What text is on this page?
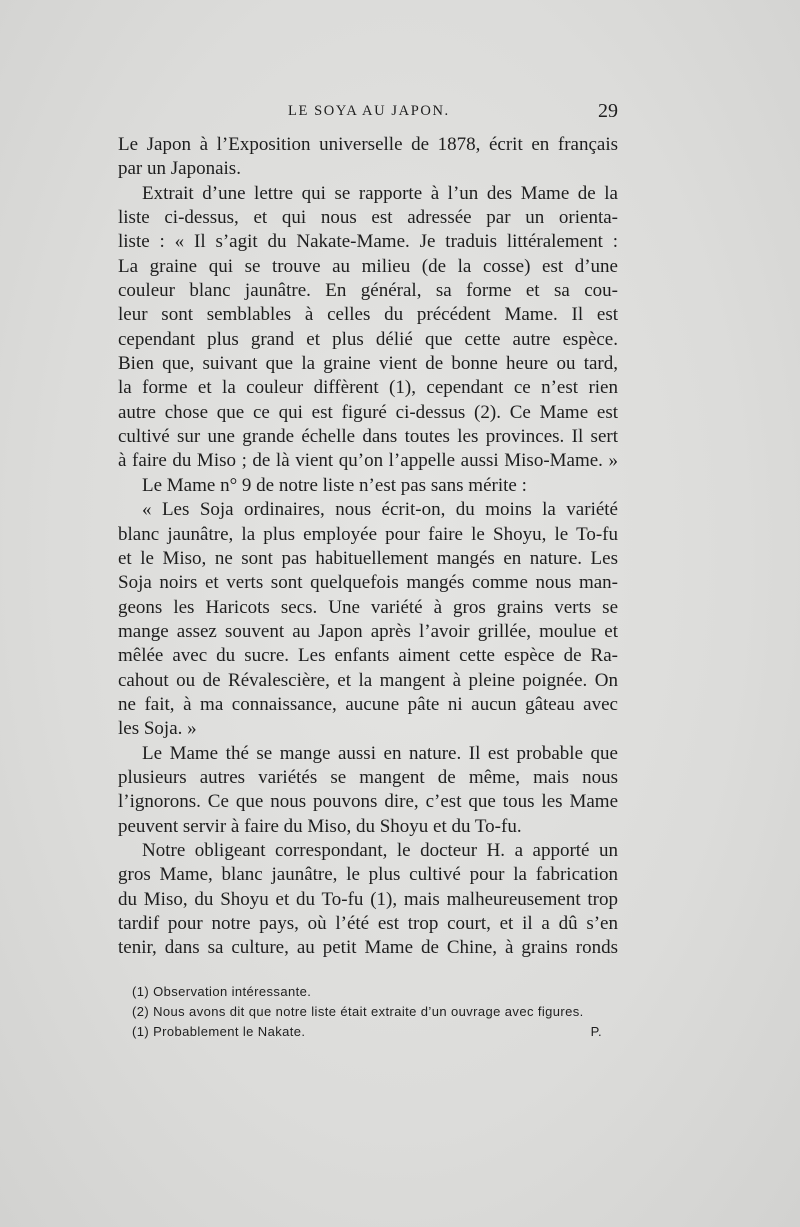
LE SOYA AU JAPON.	29
Le Japon à l’Exposition universelle de 1878, écrit en français
par un Japonais.
Extrait d’une lettre qui se rapporte à l’un des Mame de la
liste ci-dessus, et qui nous est adressée par un orienta-
liste : « Il s’agit du Nakate-Mame. Je traduis littéralement :
La graine qui se trouve au milieu (de la cosse) est d’une
couleur blanc jaunâtre. En général, sa forme et sa cou-
leur sont semblables à celles du précédent Mame. Il est
cependant plus grand et plus délié que cette autre espèce.
Bien que, suivant que la graine vient de bonne heure ou tard,
la forme et la couleur diffèrent (1), cependant ce n’est rien
autre chose que ce qui est figuré ci-dessus (2). Ce Mame est
cultivé sur une grande échelle dans toutes les provinces. Il sert
à faire du Miso ; de là vient qu’on l’appelle aussi Miso-Mame. »
Le Mame n° 9 de notre liste n’est pas sans mérite :
« Les Soja ordinaires, nous écrit-on, du moins la variété
blanc jaunâtre, la plus employée pour faire le Shoyu, le To-fu
et le Miso, ne sont pas habituellement mangés en nature. Les
Soja noirs et verts sont quelquefois mangés comme nous man-
geons les Haricots secs. Une variété à gros grains verts se
mange assez souvent au Japon après l’avoir grillée, moulue et
mêlée avec du sucre. Les enfants aiment cette espèce de Ra-
cahout ou de Révalescière, et la mangent à pleine poignée. On
ne fait, à ma connaissance, aucune pâte ni aucun gâteau avec
les Soja. »
Le Mame thé se mange aussi en nature. Il est probable que
plusieurs autres variétés se mangent de même, mais nous
l’ignorons. Ce que nous pouvons dire, c’est que tous les Mame
peuvent servir à faire du Miso, du Shoyu et du To-fu.
Notre obligeant correspondant, le docteur H. a apporté un
gros Mame, blanc jaunâtre, le plus cultivé pour la fabrication
du Miso, du Shoyu et du To-fu (1), mais malheureusement trop
tardif pour notre pays, où l’été est trop court, et il a dû s’en
tenir, dans sa culture, au petit Mame de Chine, à grains ronds
(1) Observation intéressante.
(2) Nous avons dit que notre liste était extraite d’un ouvrage avec figures.
(1) Probablement le Nakate.	P.
